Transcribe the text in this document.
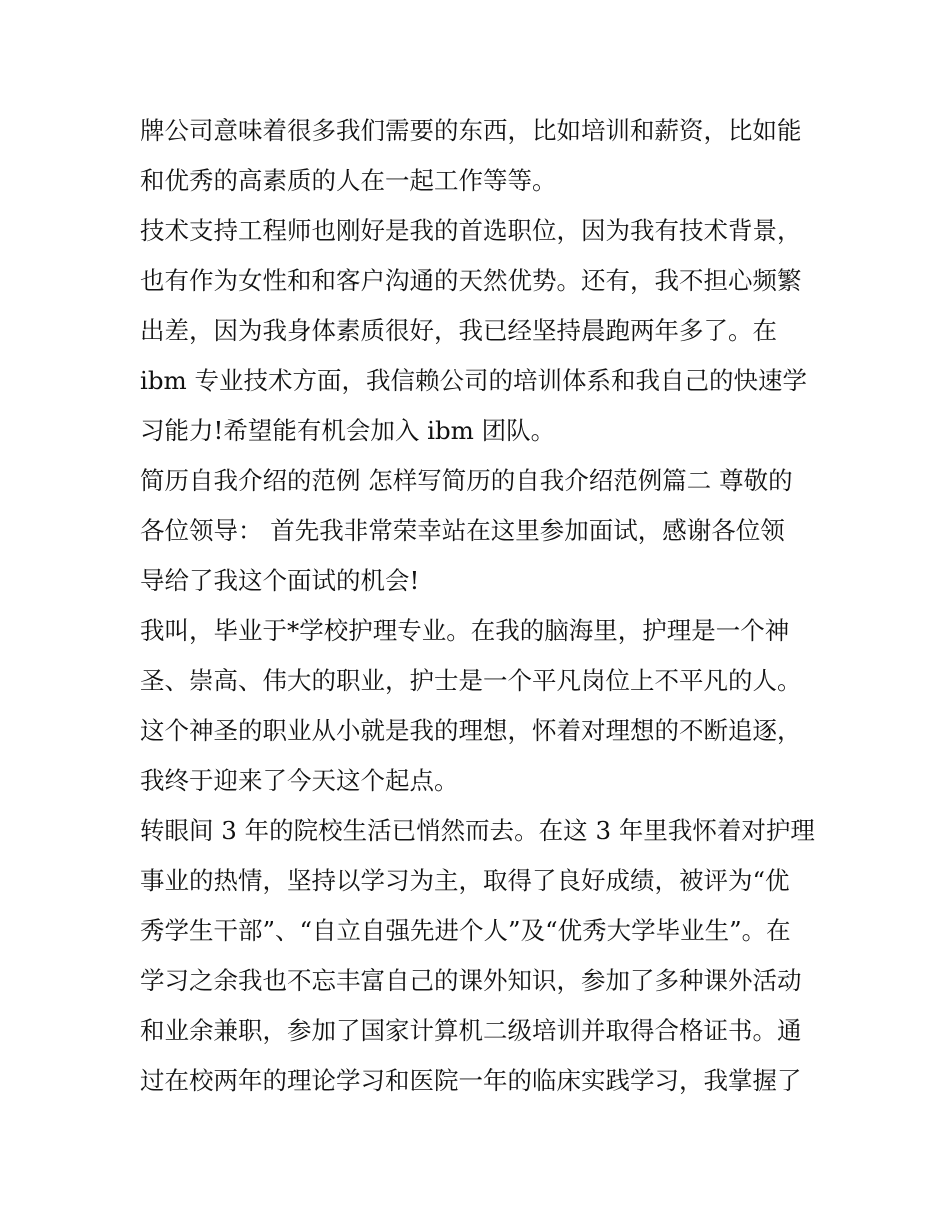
牌公司意味着很多我们需要的东西，比如培训和薪资，比如能
和优秀的高素质的人在一起工作等等。
技术支持工程师也刚好是我的首选职位，因为我有技术背景，
也有作为女性和和客户沟通的天然优势。还有，我不担心频繁
出差，因为我身体素质很好，我已经坚持晨跑两年多了。在
ibm 专业技术方面，我信赖公司的培训体系和我自己的快速学
习能力!希望能有机会加入 ibm 团队。
简历自我介绍的范例 怎样写简历的自我介绍范例篇二 尊敬的
各位领导： 首先我非常荣幸站在这里参加面试，感谢各位领
导给了我这个面试的机会!
我叫，毕业于*学校护理专业。在我的脑海里，护理是一个神
圣、崇高、伟大的职业，护士是一个平凡岗位上不平凡的人。
这个神圣的职业从小就是我的理想，怀着对理想的不断追逐，
我终于迎来了今天这个起点。
转眼间 3 年的院校生活已悄然而去。在这 3 年里我怀着对护理
事业的热情，坚持以学习为主，取得了良好成绩，被评为“优
秀学生干部”、“自立自强先进个人”及“优秀大学毕业生”。在
学习之余我也不忘丰富自己的课外知识，参加了多种课外活动
和业余兼职，参加了国家计算机二级培训并取得合格证书。通
过在校两年的理论学习和医院一年的临床实践学习，我掌握了
